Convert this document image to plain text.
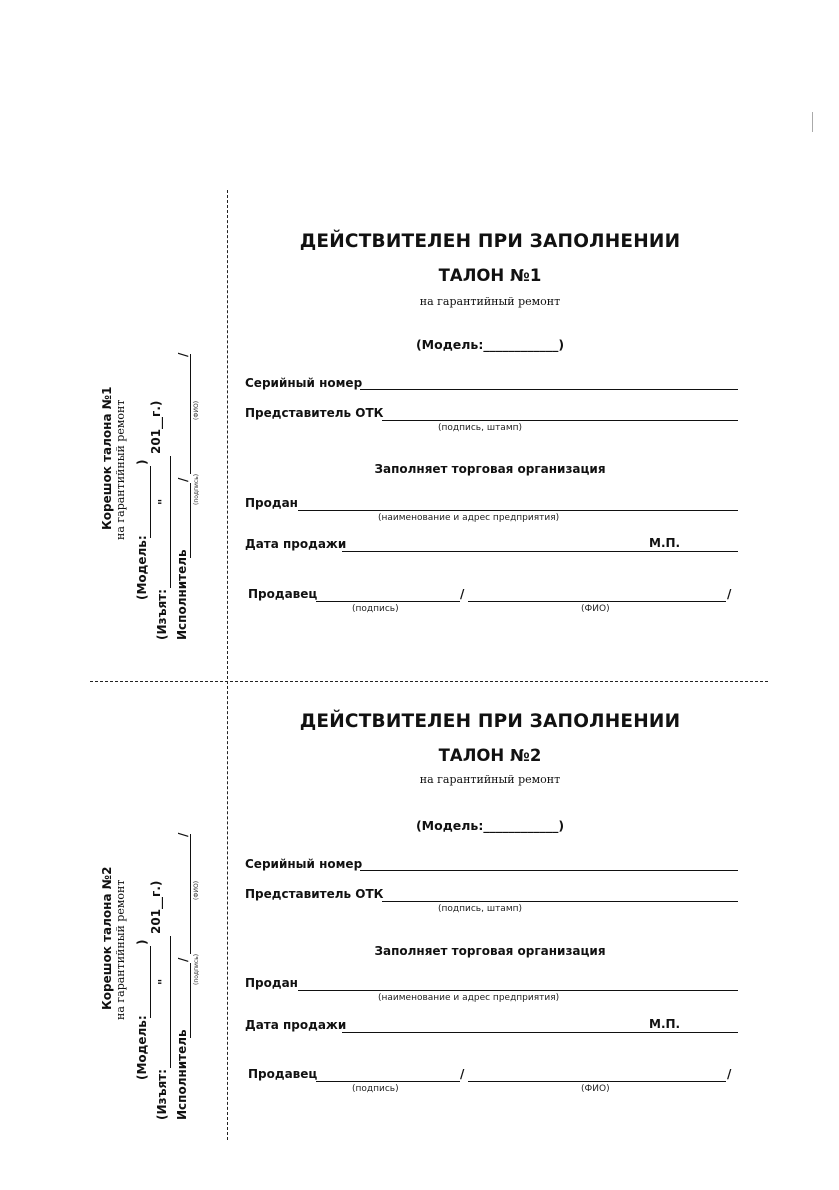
Корешок талона №1 на гарантийный ремонт
(Модель:
)
201__г.)
(Изъят:
"
Исполнитель
/
/
(подпись)
(ФИО)
ДЕЙСТВИТЕЛЕН ПРИ ЗАПОЛНЕНИИ
ТАЛОН №1
на гарантийный ремонт
(Модель:____________)
Серийный номер
Представитель ОТК
(подпись, штамп)
Заполняет торговая организация
Продан
(наименование и адрес предприятия)
Дата продажи	М.П.
Продавец	/	/
(подпись)	(ФИО)
Корешок талона №2 на гарантийный ремонт
(Модель:
)
201__г.)
(Изъят:
"
Исполнитель
/
/
(подпись)
(ФИО)
ДЕЙСТВИТЕЛЕН ПРИ ЗАПОЛНЕНИИ
ТАЛОН №2
на гарантийный ремонт
(Модель:____________)
Серийный номер
Представитель ОТК
(подпись, штамп)
Заполняет торговая организация
Продан
(наименование и адрес предприятия)
Дата продажи	М.П.
Продавец	/	/
(подпись)	(ФИО)
